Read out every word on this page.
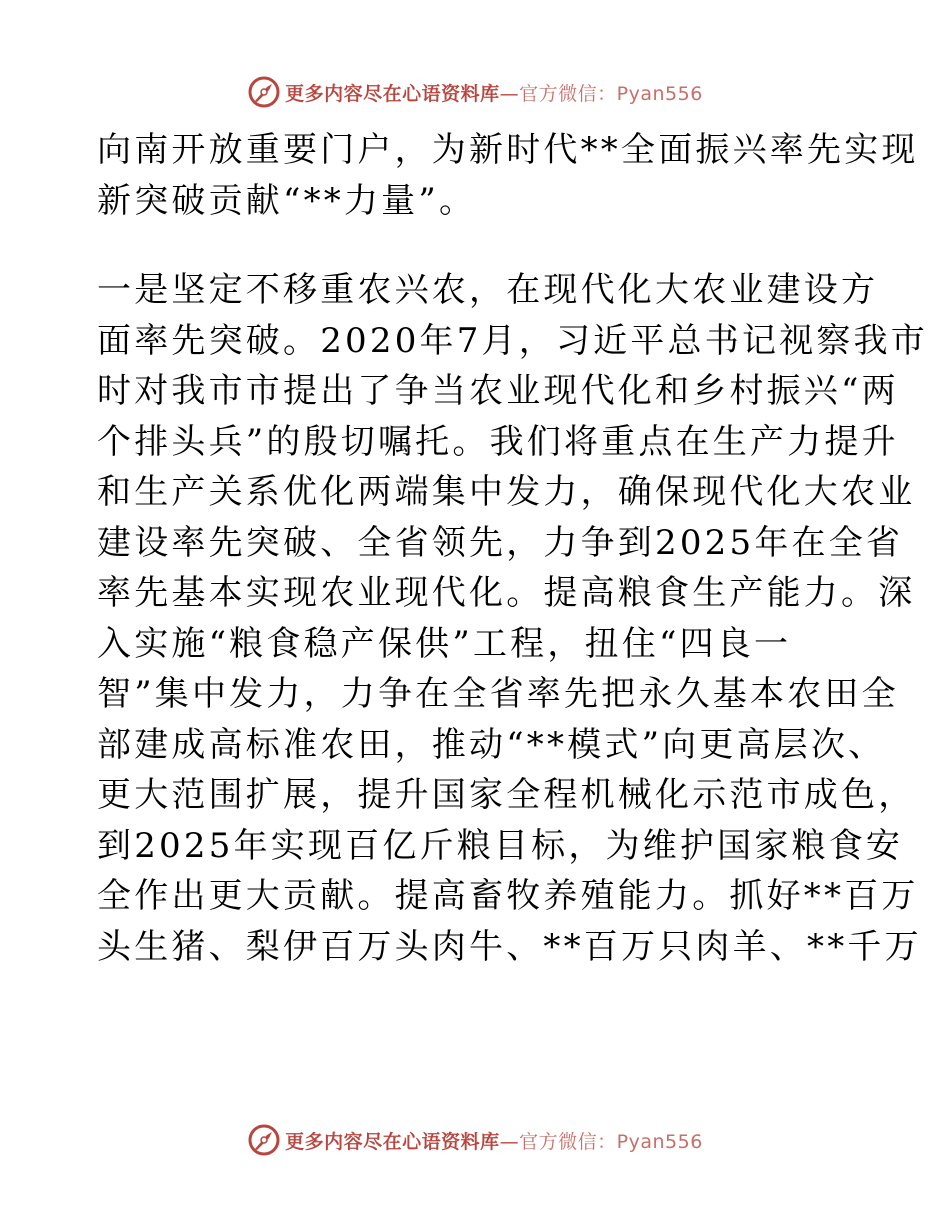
更多内容尽在心语资料库—官方微信：Pyan556
向南开放重要门户，为新时代**全面振兴率先实现
新突破贡献“**力量”。
一是坚定不移重农兴农，在现代化大农业建设方
面率先突破。2020年7月，习近平总书记视察我市
时对我市市提出了争当农业现代化和乡村振兴“两
个排头兵”的殷切嘱托。我们将重点在生产力提升
和生产关系优化两端集中发力，确保现代化大农业
建设率先突破、全省领先，力争到2025年在全省
率先基本实现农业现代化。提高粮食生产能力。深
入实施“粮食稳产保供”工程，扭住“四良一
智”集中发力，力争在全省率先把永久基本农田全
部建成高标准农田，推动“**模式”向更高层次、
更大范围扩展，提升国家全程机械化示范市成色，
到2025年实现百亿斤粮目标，为维护国家粮食安
全作出更大贡献。提高畜牧养殖能力。抓好**百万
头生猪、梨伊百万头肉牛、**百万只肉羊、**千万
更多内容尽在心语资料库—官方微信：Pyan556
